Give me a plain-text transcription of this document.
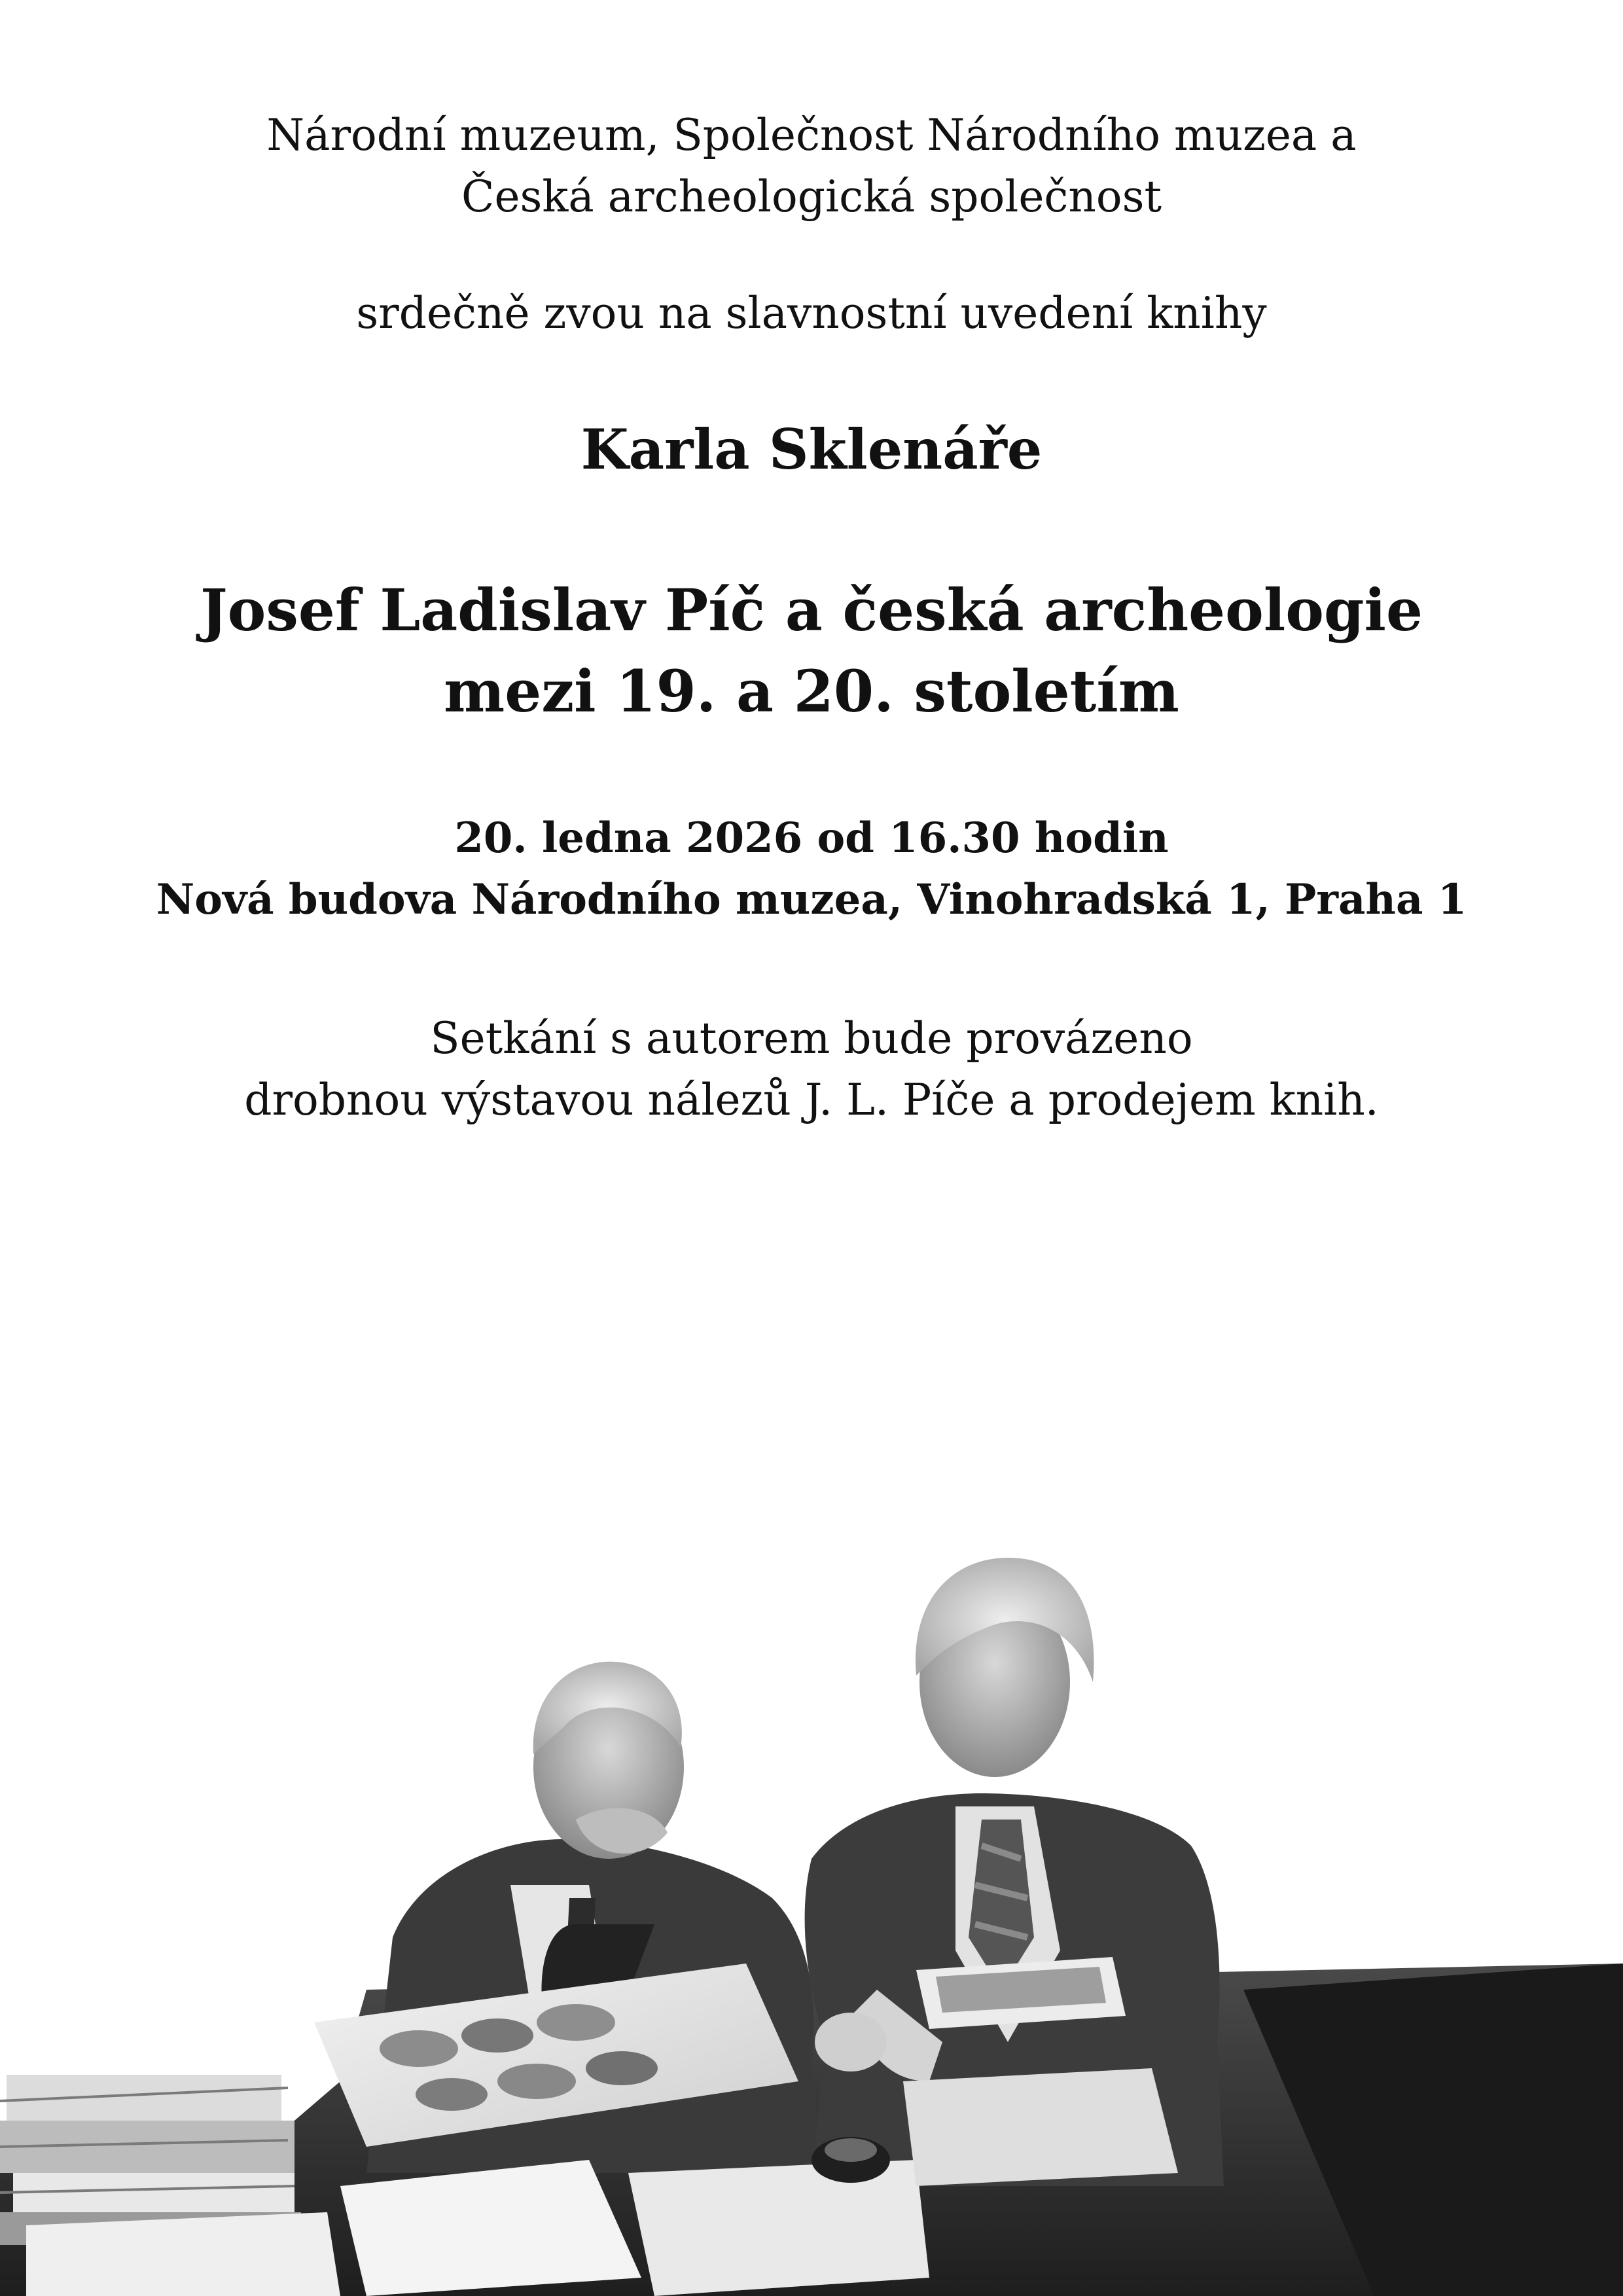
Národní muzeum, Společnost Národního muzea a
Česká archeologická společnost
srdečně zvou na slavnostní uvedení knihy
Karla Sklenáře
Josef Ladislav Píč a česká archeologie
mezi 19. a 20. stoletím
20. ledna 2026 od 16.30 hodin
Nová budova Národního muzea, Vinohradská 1, Praha 1
Setkání s autorem bude provázeno
drobnou výstavou nálezů J. L. Píče a prodejem knih.
